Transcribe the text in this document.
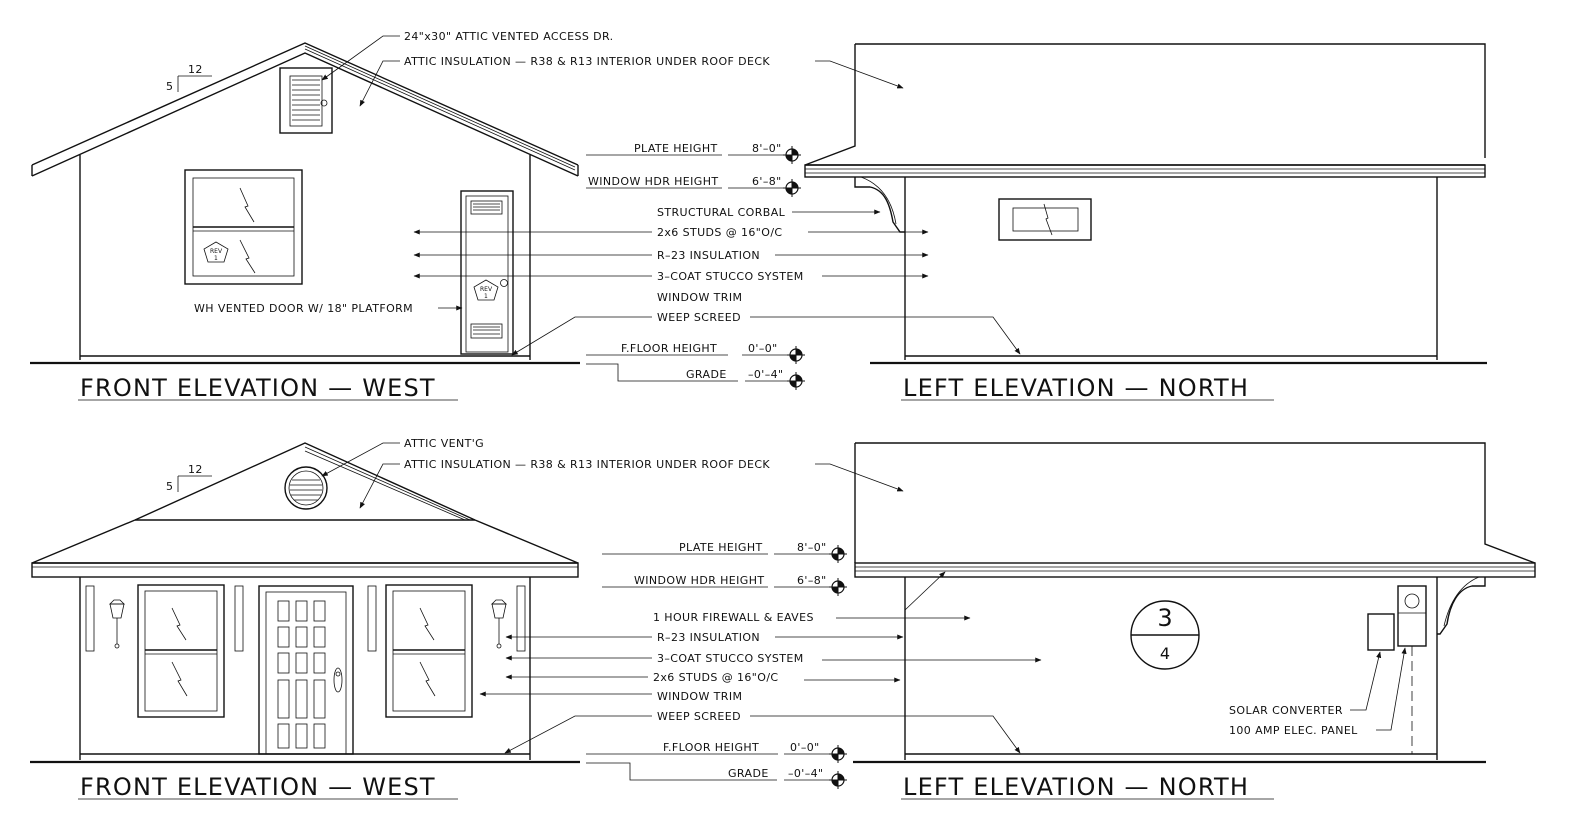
12
5
REV
1
REV
1
FRONT ELEVATION — WEST	LEFT ELEVATION — NORTH
24"x30" ATTIC VENTED ACCESS DR.
ATTIC INSULATION — R38 & R13 INTERIOR UNDER ROOF DECK
PLATE HEIGHT	8'–0"
WINDOW HDR HEIGHT	6'–8"
STRUCTURAL CORBAL
2x6 STUDS @ 16"O/C
R–23 INSULATION
3–COAT STUCCO SYSTEM
WINDOW TRIM
WH VENTED DOOR W/ 18" PLATFORM
WEEP SCREED
F.FLOOR HEIGHT	0'–0"
GRADE –0'–4"
12
5
FRONT ELEVATION — WEST
3
4
LEFT ELEVATION — NORTH
ATTIC VENT'G
ATTIC INSULATION — R38 & R13 INTERIOR UNDER ROOF DECK
PLATE HEIGHT	8'–0"
WINDOW HDR HEIGHT	6'–8"
1 HOUR FIREWALL & EAVES
R–23 INSULATION
3–COAT STUCCO SYSTEM
2x6 STUDS @ 16"O/C
WINDOW TRIM
WEEP SCREED
F.FLOOR HEIGHT	0'–0"
GRADE –0'–4"
SOLAR CONVERTER
100 AMP ELEC. PANEL
